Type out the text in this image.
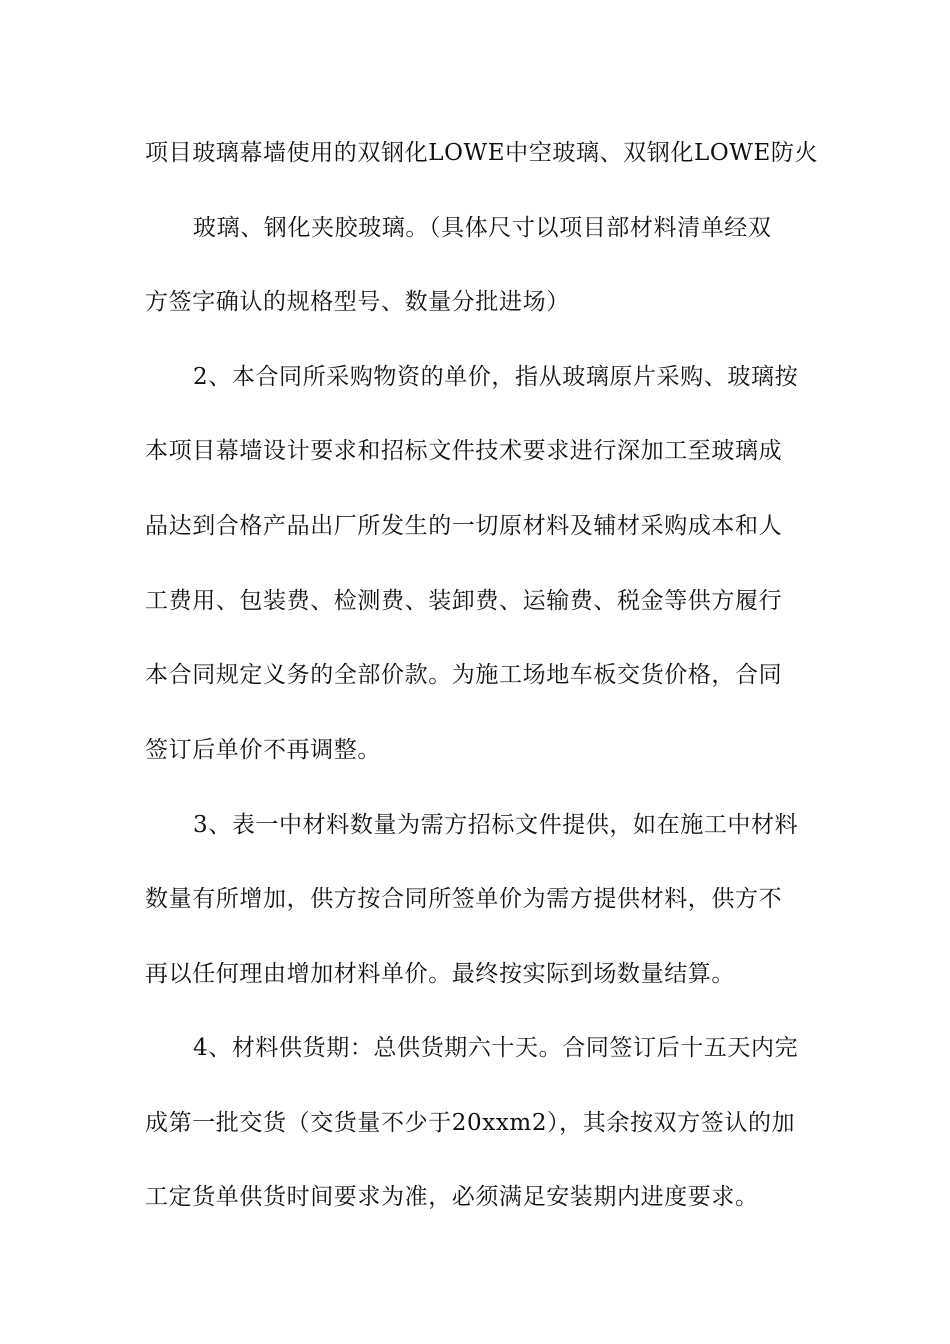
项目玻璃幕墙使用的双钢化LOWE中空玻璃、双钢化LOWE防火
玻璃、钢化夹胶玻璃。（具体尺寸以项目部材料清单经双
方签字确认的规格型号、数量分批进场）
2、本合同所采购物资的单价，指从玻璃原片采购、玻璃按
本项目幕墙设计要求和招标文件技术要求进行深加工至玻璃成
品达到合格产品出厂所发生的一切原材料及辅材采购成本和人
工费用、包装费、检测费、装卸费、运输费、税金等供方履行
本合同规定义务的全部价款。为施工场地车板交货价格，合同
签订后单价不再调整。
3、表一中材料数量为需方招标文件提供，如在施工中材料
数量有所增加，供方按合同所签单价为需方提供材料，供方不
再以任何理由增加材料单价。最终按实际到场数量结算。
4、材料供货期：总供货期六十天。合同签订后十五天内完
成第一批交货（交货量不少于20xxm2），其余按双方签认的加
工定货单供货时间要求为准，必须满足安装期内进度要求。
